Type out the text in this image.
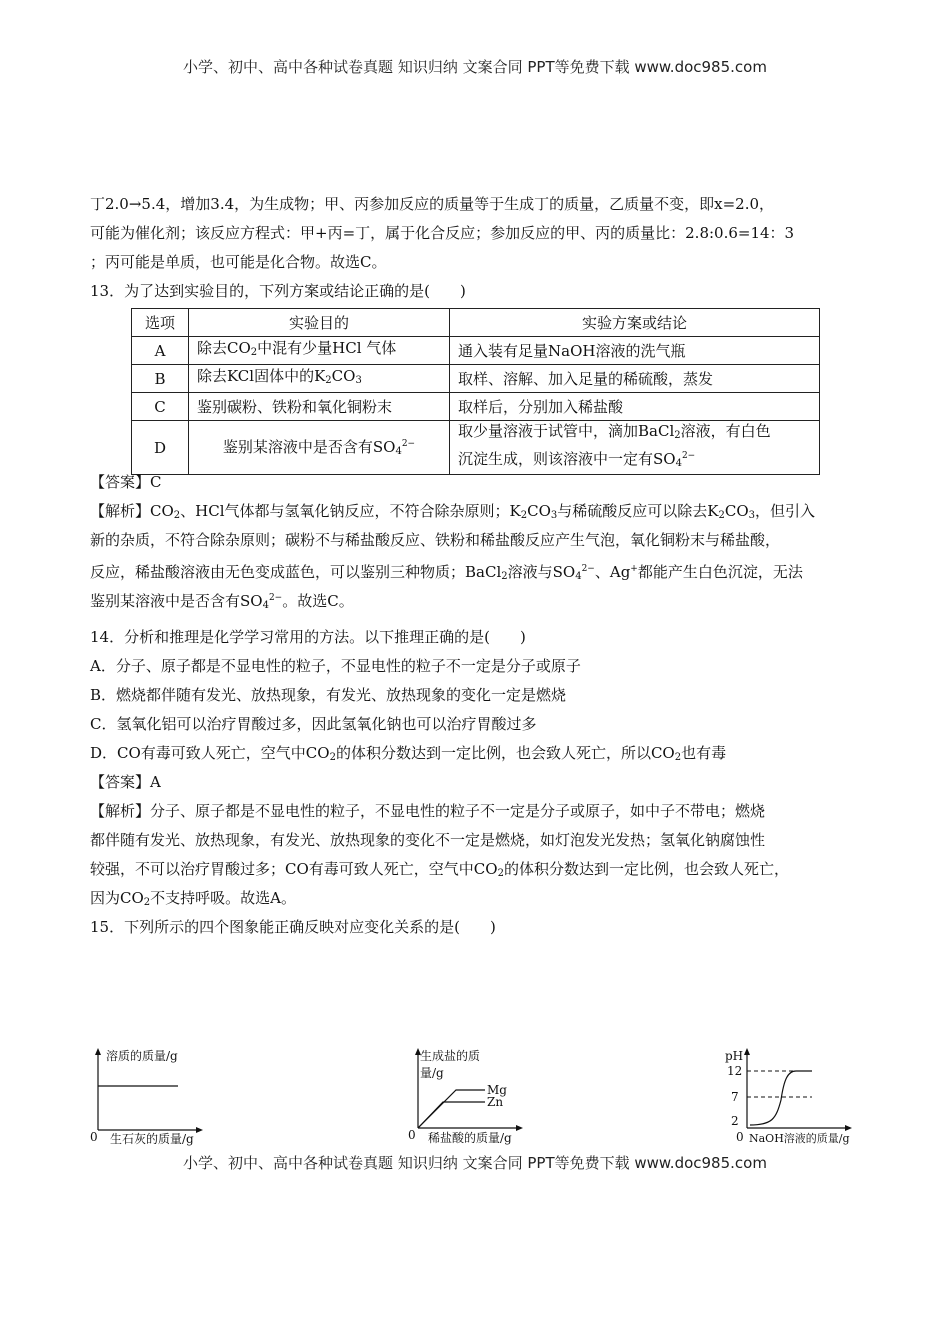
小学、初中、高中各种试卷真题 知识归纳 文案合同 PPT等免费下载 www.doc985.com
丁2.0→5.4，增加3.4，为生成物；甲、丙参加反应的质量等于生成丁的质量，乙质量不变，即x=2.0，
可能为催化剂；该反应方程式：甲+丙=丁，属于化合反应；参加反应的甲、丙的质量比：2.8:0.6=14：3
；丙可能是单质，也可能是化合物。故选C。
13．为了达到实验目的，下列方案或结论正确的是(　　)
选项	实验目的	实验方案或结论
A	除去$CO_2$中混有少量HCl 气体	通入装有足量NaOH溶液的洗气瓶
B	除去KCl固体中的$K_2CO_3$	取样、溶解、加入足量的稀硫酸，蒸发
C	鉴别碳粉、铁粉和氧化铜粉末	取样后，分别加入稀盐酸
D	鉴别某溶液中是否含有$SO_4^{2-}$	取少量溶液于试管中，滴加BaCl$_2$溶液，有白色
沉淀生成，则该溶液中一定有$SO_4^{2-}$
【答案】C
【解析】$CO_2$、HCl气体都与氢氧化钠反应，不符合除杂原则；$K_2CO_3$与稀硫酸反应可以除去$K_2CO_3$，但引入
新的杂质，不符合除杂原则；碳粉不与稀盐酸反应、铁粉和稀盐酸反应产生气泡，氧化铜粉末与稀盐酸，
反应，稀盐酸溶液由无色变成蓝色，可以鉴别三种物质；BaCl$_2$溶液与$SO_4^{2-}$、Ag+都能产生白色沉淀，无法
鉴别某溶液中是否含有$SO_4^{2-}$。故选C。
14．分析和推理是化学学习常用的方法。以下推理正确的是(　　)
A．分子、原子都是不显电性的粒子，不显电性的粒子不一定是分子或原子
B．燃烧都伴随有发光、放热现象，有发光、放热现象的变化一定是燃烧
C．氢氧化铝可以治疗胃酸过多，因此氢氧化钠也可以治疗胃酸过多
D．CO有毒可致人死亡，空气中$CO_2$的体积分数达到一定比例，也会致人死亡，所以$CO_2$也有毒
【答案】A
【解析】分子、原子都是不显电性的粒子，不显电性的粒子不一定是分子或原子，如中子不带电；燃烧
都伴随有发光、放热现象，有发光、放热现象的变化不一定是燃烧，如灯泡发光发热；氢氧化钠腐蚀性
较强，不可以治疗胃酸过多；CO有毒可致人死亡，空气中$CO_2$的体积分数达到一定比例，也会致人死亡，
因为$CO_2$不支持呼吸。故选A。
15．下列所示的四个图象能正确反映对应变化关系的是(　　)
溶质的质量/g
0 生石灰的质量/g
Mg
Zn
生成盐的质
量/g
0 稀盐酸的质量/g
pH
12
7
2
0 NaOH溶液的质量/g
小学、初中、高中各种试卷真题 知识归纳 文案合同 PPT等免费下载 www.doc985.com
